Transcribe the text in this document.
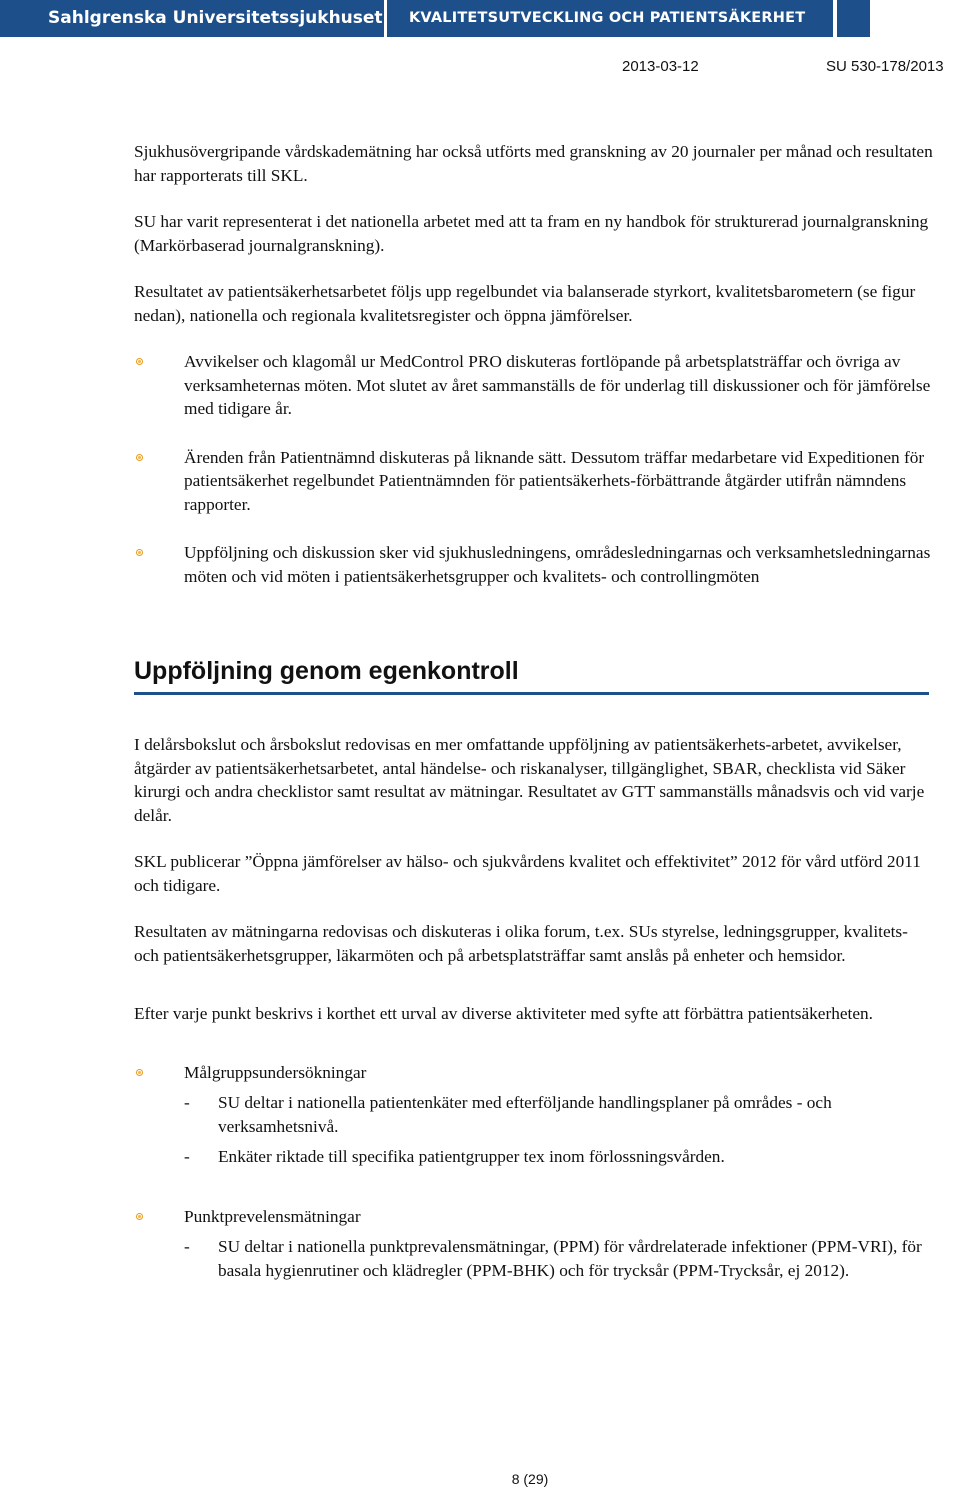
Sahlgrenska Universitetssjukhuset	KVALITETSUTVECKLING OCH PATIENTSÄKERHET
2013-03-12	SU 530-178/2013

Sjukhusövergripande vårdskademätning har också utförts med granskning av 20 journaler per månad och resultaten har rapporterats till SKL.

SU har varit representerat i det nationella arbetet med att ta fram en ny handbok för strukturerad journalgranskning (Markörbaserad journalgranskning).

Resultatet av patientsäkerhetsarbetet följs upp regelbundet via balanserade styrkort, kvalitetsbarometern (se figur nedan), nationella och regionala kvalitetsregister och öppna jämförelser.

Avvikelser och klagomål ur MedControl PRO diskuteras fortlöpande på arbetsplatsträffar och övriga av verksamheternas möten. Mot slutet av året sammanställs de för underlag till diskussioner och för jämförelse med tidigare år.
Ärenden från Patientnämnd diskuteras på liknande sätt. Dessutom träffar medarbetare vid Expeditionen för patientsäkerhet regelbundet Patientnämnden för patientsäkerhets-förbättrande åtgärder utifrån nämndens rapporter.
Uppföljning och diskussion sker vid sjukhusledningens, områdesledningarnas och verksamhetsledningarnas möten och vid möten i patientsäkerhetsgrupper och kvalitets- och controllingmöten
Uppföljning genom egenkontroll

I delårsbokslut och årsbokslut redovisas en mer omfattande uppföljning av patientsäkerhets-arbetet, avvikelser, åtgärder av patientsäkerhetsarbetet, antal händelse- och riskanalyser, tillgänglighet, SBAR, checklista vid Säker kirurgi och andra checklistor samt resultat av mätningar. Resultatet av GTT sammanställs månadsvis och vid varje delår.

SKL publicerar ”Öppna jämförelser av hälso- och sjukvårdens kvalitet och effektivitet” 2012 för vård utförd 2011 och tidigare.

Resultaten av mätningarna redovisas och diskuteras i olika forum, t.ex. SUs styrelse, ledningsgrupper, kvalitets- och patientsäkerhetsgrupper, läkarmöten och på arbetsplatsträffar samt anslås på enheter och hemsidor.

Efter varje punkt beskrivs i korthet ett urval av diverse aktiviteter med syfte att förbättra patientsäkerheten.

Målgruppsundersökningar
- SU deltar i nationella patientenkäter med efterföljande handlingsplaner på områdes - och verksamhetsnivå.
- Enkäter riktade till specifika patientgrupper tex inom förlossningsvården.
Punktprevelensmätningar
- SU deltar i nationella punktprevalensmätningar, (PPM) för vårdrelaterade infektioner (PPM-VRI), för basala hygienrutiner och klädregler (PPM-BHK) och för trycksår (PPM-Trycksår, ej 2012).
8 (29)
